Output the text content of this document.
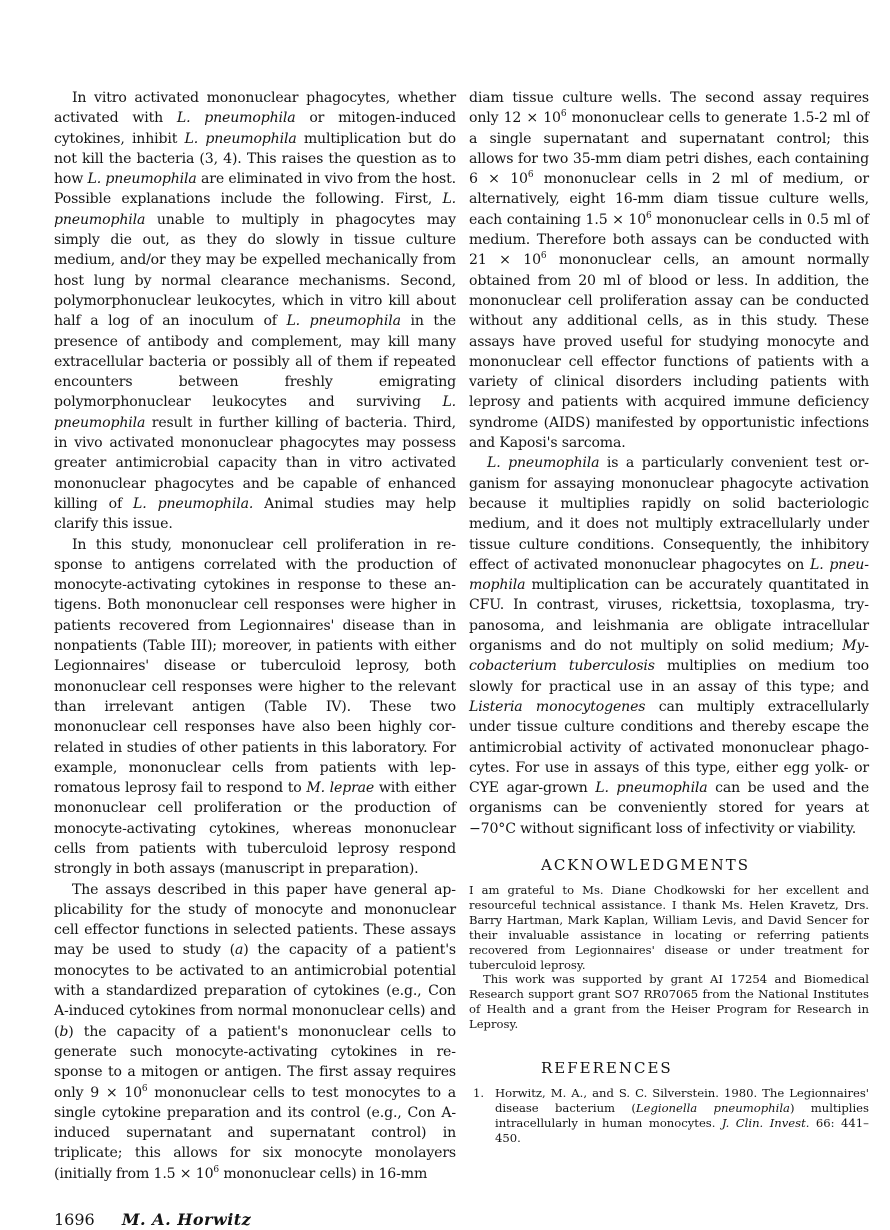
In vitro activated mononuclear phagocytes, whether activated with L. pneumophila or mitogen-induced cytokines, inhibit L. pneumophila multiplication but do not kill the bacteria (3, 4). This raises the question as to how L. pneumophila are eliminated in vivo from the host. Possible explanations include the following. First, L. pneumophila unable to multiply in phagocytes may simply die out, as they do slowly in tissue culture medium, and/or they may be expelled mechanically from host lung by normal clearance mechanisms. Second, polymorphonuclear leukocytes, which in vitro kill about half a log of an inoculum of L. pneumophila in the presence of antibody and complement, may kill many extracellular bacteria or possibly all of them if repeated encounters between freshly emigrating polymorphonuclear leukocytes and surviving L. pneumophila result in further killing of bacteria. Third, in vivo activated mononuclear phagocytes may possess greater antimicrobial capacity than in vitro activated mononuclear phagocytes and be capable of enhanced killing of L. pneumophila. Animal studies may help clarify this issue.

In this study, mononuclear cell proliferation in response to antigens correlated with the production of monocyte-activating cytokines in response to these antigens. Both mononuclear cell responses were higher in patients recovered from Legionnaires' disease than in nonpatients (Table III); moreover, in patients with either Legionnaires' disease or tuberculoid leprosy, both mononuclear cell responses were higher to the relevant than irrelevant antigen (Table IV). These two mononuclear cell responses have also been highly correlated in studies of other patients in this laboratory. For example, mononuclear cells from patients with lepromatous leprosy fail to respond to M. leprae with either mononuclear cell proliferation or the production of monocyte-activating cytokines, whereas mononuclear cells from patients with tuberculoid leprosy respond strongly in both assays (manuscript in preparation).

The assays described in this paper have general applicability for the study of monocyte and mononuclear cell effector functions in selected patients. These assays may be used to study (a) the capacity of a patient's monocytes to be activated to an antimicrobial potential with a standardized preparation of cytokines (e.g., Con A-induced cytokines from normal mononuclear cells) and (b) the capacity of a patient's mononuclear cells to generate such monocyte-activating cytokines in response to a mitogen or antigen. The first assay requires only $9 \times 10^6$ mononuclear cells to test monocytes to a single cytokine preparation and its control (e.g., Con A-induced supernatant and supernatant control) in triplicate; this allows for six monocyte monolayers (initially from $1.5 \times 10^6$ mononuclear cells) in 16-mm

1696 M. A. Horwitz

diam tissue culture wells. The second assay requires only $12 \times 10^6$ mononuclear cells to generate 1.5-2 ml of a single supernatant and supernatant control; this allows for two 35-mm diam petri dishes, each containing $6 \times 10^6$ mononuclear cells in 2 ml of medium, or alternatively, eight 16-mm diam tissue culture wells, each containing $1.5 \times 10^6$ mononuclear cells in 0.5 ml of medium. Therefore both assays can be conducted with $21 \times 10^6$ mononuclear cells, an amount normally obtained from 20 ml of blood or less. In addition, the mononuclear cell proliferation assay can be conducted without any additional cells, as in this study. These assays have proved useful for studying monocyte and mononuclear cell effector functions of patients with a variety of clinical disorders including patients with leprosy and patients with acquired immune deficiency syndrome (AIDS) manifested by opportunistic infections and Kaposi's sarcoma.

L. pneumophila is a particularly convenient test organism for assaying mononuclear phagocyte activation because it multiplies rapidly on solid bacteriologic medium, and it does not multiply extracellularly under tissue culture conditions. Consequently, the inhibitory effect of activated mononuclear phagocytes on L. pneumophila multiplication can be accurately quantitated in CFU. In contrast, viruses, rickettsia, toxoplasma, trypanosoma, and leishmania are obligate intracellular organisms and do not multiply on solid medium; Mycobacterium tuberculosis multiplies on medium too slowly for practical use in an assay of this type; and Listeria monocytogenes can multiply extracellularly under tissue culture conditions and thereby escape the antimicrobial activity of activated mononuclear phagocytes. For use in assays of this type, either egg yolk- or CYE agar-grown L. pneumophila can be used and the organisms can be conveniently stored for years at −70°C without significant loss of infectivity or viability.

ACKNOWLEDGMENTS

I am grateful to Ms. Diane Chodkowski for her excellent and resourceful technical assistance. I thank Ms. Helen Kravetz, Drs. Barry Hartman, Mark Kaplan, William Levis, and David Sencer for their invaluable assistance in locating or referring patients recovered from Legionnaires' disease or under treatment for tuberculoid leprosy.

This work was supported by grant AI 17254 and Biomedical Research support grant SO7 RR07065 from the National Institutes of Health and a grant from the Heiser Program for Research in Leprosy.

REFERENCES
1. Horwitz, M. A., and S. C. Silverstein. 1980. The Legionnaires' disease bacterium (Legionella pneumophila) multiplies intracellularly in human monocytes. J. Clin. Invest. 66: 441–450.
